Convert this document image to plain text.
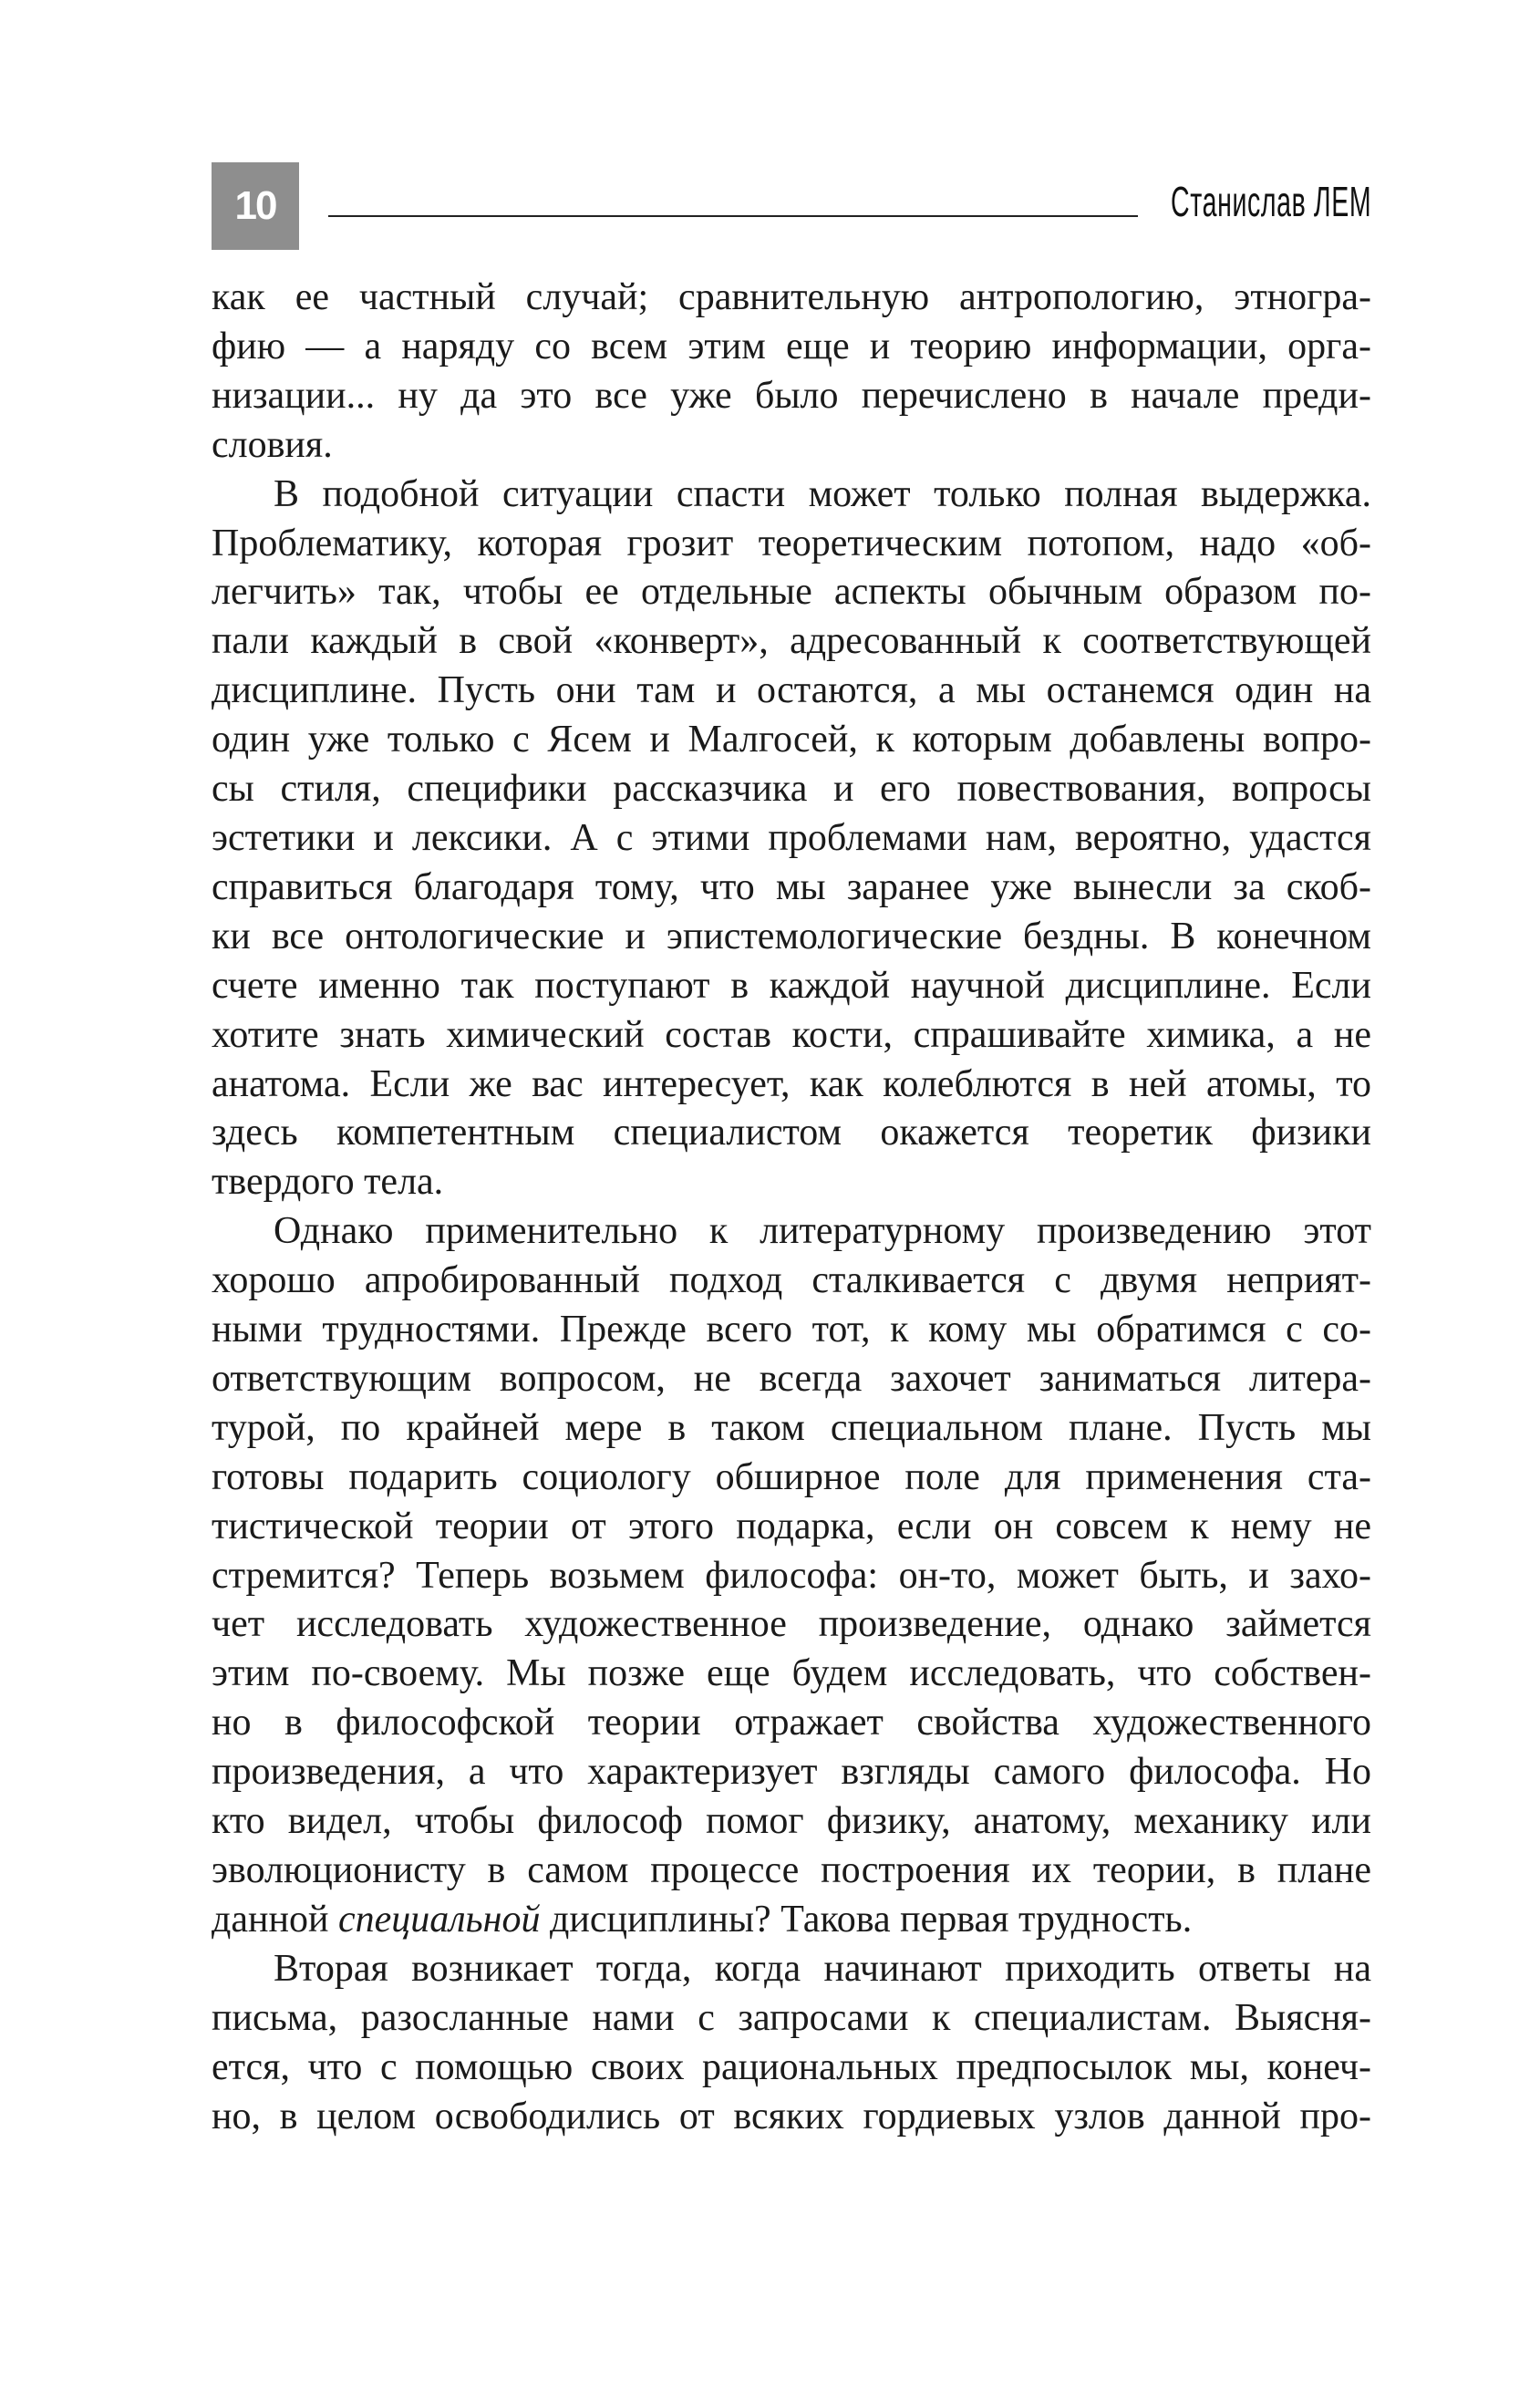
10	Станислав ЛЕМ

как ее частный случай; сравнительную антропологию, этногра-

фию — а наряду со всем этим еще и теорию информации, орга-

низации... ну да это все уже было перечислено в начале преди-

словия.

В подобной ситуации спасти может только полная выдержка.

Проблематику, которая грозит теоретическим потопом, надо «об-

легчить» так, чтобы ее отдельные аспекты обычным образом по-

пали каждый в свой «конверт», адресованный к соответствующей

дисциплине. Пусть они там и остаются, а мы останемся один на

один уже только с Ясем и Малгосей, к которым добавлены вопро-

сы стиля, специфики рассказчика и его повествования, вопросы

эстетики и лексики. А с этими проблемами нам, вероятно, удастся

справиться благодаря тому, что мы заранее уже вынесли за скоб-

ки все онтологические и эпистемологические бездны. В конечном

счете именно так поступают в каждой научной дисциплине. Если

хотите знать химический состав кости, спрашивайте химика, а не

анатома. Если же вас интересует, как колеблются в ней атомы, то

здесь компетентным специалистом окажется теоретик физики

твердого тела.

Однако применительно к литературному произведению этот

хорошо апробированный подход сталкивается с двумя неприят-

ными трудностями. Прежде всего тот, к кому мы обратимся с со-

ответствующим вопросом, не всегда захочет заниматься литера-

турой, по крайней мере в таком специальном плане. Пусть мы

готовы подарить социологу обширное поле для применения ста-

тистической теории от этого подарка, если он совсем к нему не

стремится? Теперь возьмем философа: он-то, может быть, и захо-

чет исследовать художественное произведение, однако займется

этим по-своему. Мы позже еще будем исследовать, что собствен-

но в философской теории отражает свойства художественного

произведения, а что характеризует взгляды самого философа. Но

кто видел, чтобы философ помог физику, анатому, механику или

эволюционисту в самом процессе построения их теории, в плане

данной специальной дисциплины? Такова первая трудность.

Вторая возникает тогда, когда начинают приходить ответы на

письма, разосланные нами с запросами к специалистам. Выясня-

ется, что с помощью своих рациональных предпосылок мы, конеч-

но, в целом освободились от всяких гордиевых узлов данной про-
